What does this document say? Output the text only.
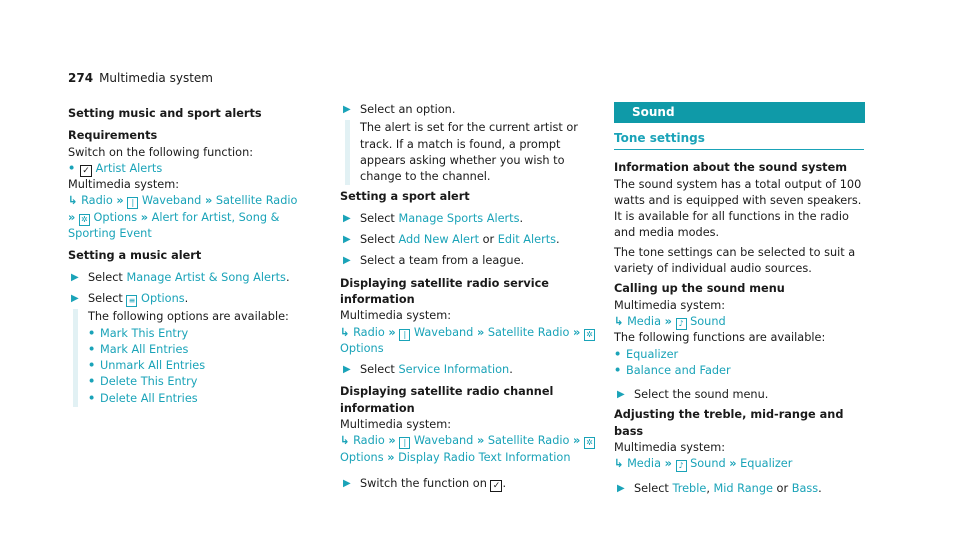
274 Multimedia system
Setting music and sport alerts
Requirements

Switch on the following function:

• ✓ Artist Alerts

Multimedia system:

↳ Radio » | Waveband » Satellite Radio » ✲ Options » Alert for Artist, Song & Sporting Event
Setting a music alert
▶ Select Manage Artist & Song Alerts.
▶ Select ≡ Options.
The following options are available:
• Mark This Entry
• Mark All Entries
• Unmark All Entries
• Delete This Entry
• Delete All Entries
▶ Select an option.
The alert is set for the current artist or track. If a match is found, a prompt appears asking whether you wish to change to the channel.
Setting a sport alert
▶ Select Manage Sports Alerts.
▶ Select Add New Alert or Edit Alerts.
▶ Select a team from a league.
Displaying satellite radio service information

Multimedia system:

↳ Radio » | Waveband » Satellite Radio » ✲ Options
▶ Select Service Information.
Displaying satellite radio channel information

Multimedia system:

↳ Radio » | Waveband » Satellite Radio » ✲ Options » Display Radio Text Information
▶ Switch the function on ✓ .
Sound
Tone settings
Information about the sound system

The sound system has a total output of 100 watts and is equipped with seven speakers. It is available for all functions in the radio and media modes.

The tone settings can be selected to suit a variety of individual audio sources.

Calling up the sound menu

Multimedia system:

↳ Media » ♪ Sound

The following functions are available:

• Equalizer
• Balance and Fader
▶ Select the sound menu.
Adjusting the treble, mid-range and bass

Multimedia system:

↳ Media » ♪ Sound » Equalizer
▶ Select Treble, Mid Range or Bass.
